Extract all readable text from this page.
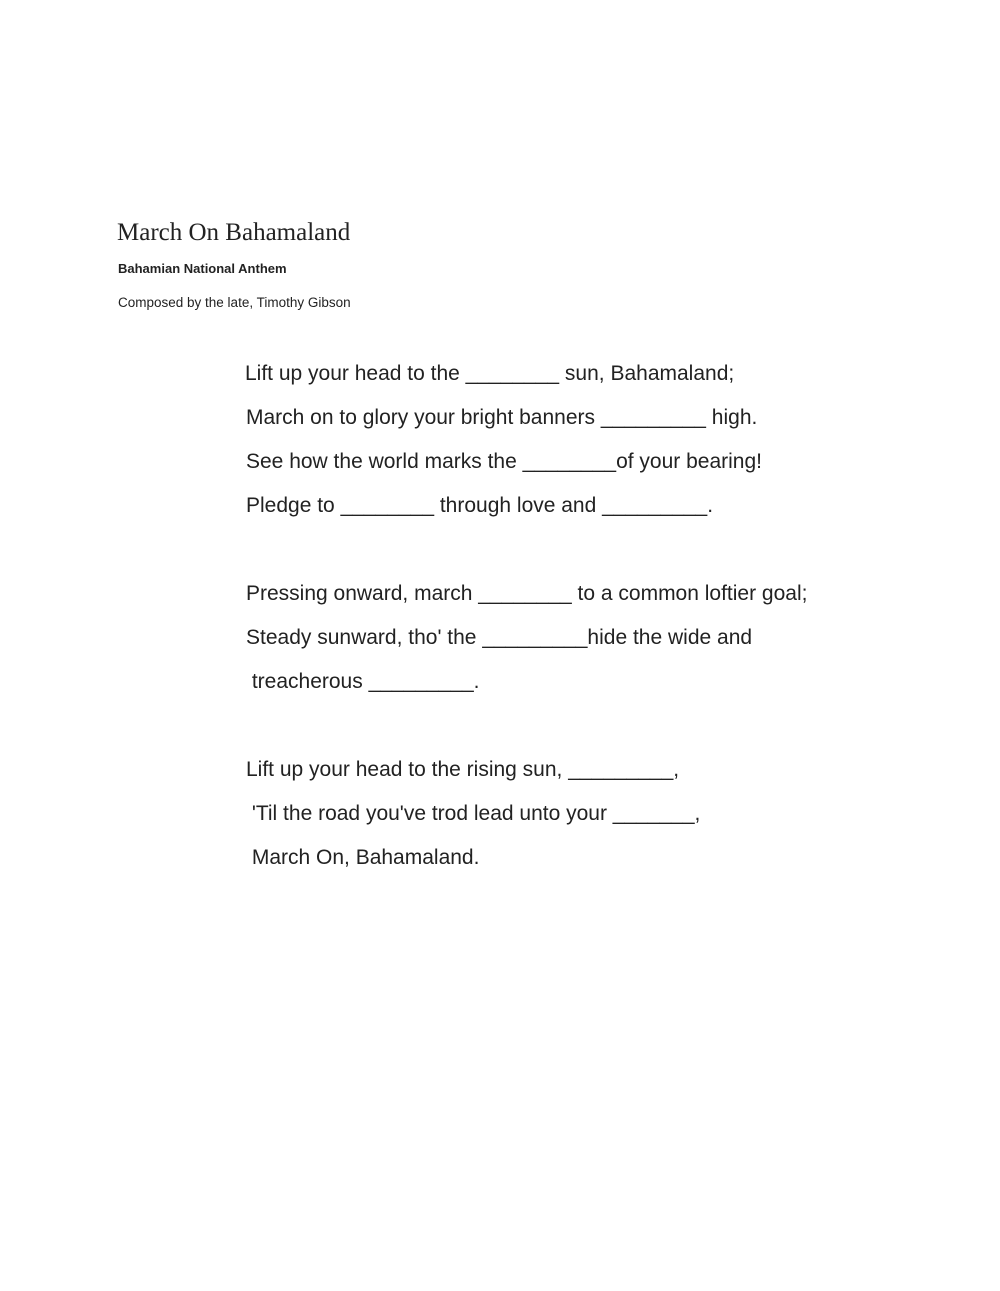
March On Bahamaland
Bahamian National Anthem
Composed by the late, Timothy Gibson
Lift up your head to the ________ sun, Bahamaland;
March on to glory your bright banners _________ high.
See how the world marks the ________of your bearing!
Pledge to ________ through love and _________.
Pressing onward, march ________ to a common loftier goal;
Steady sunward, tho' the _________hide the wide and
treacherous _________.
Lift up your head to the rising sun, _________,
'Til the road you've trod lead unto your _______,
March On, Bahamaland.
